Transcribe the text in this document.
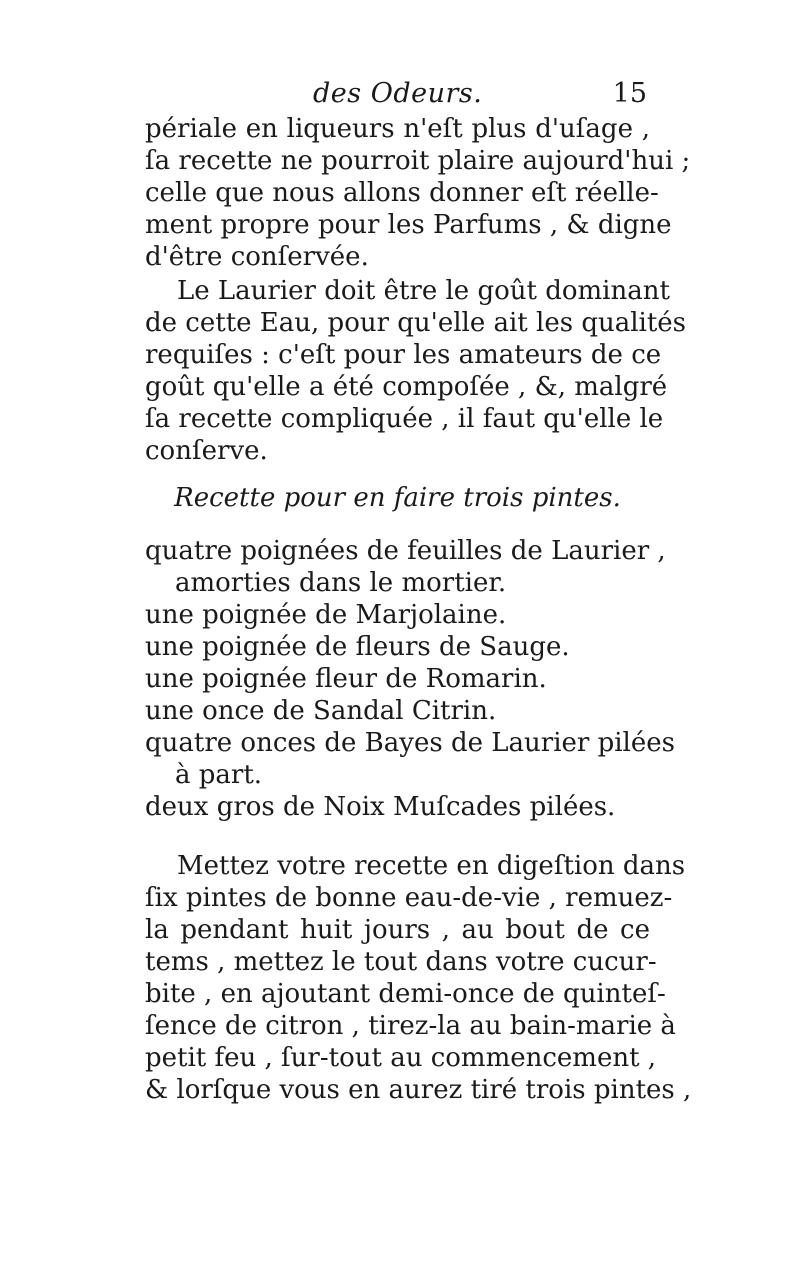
des Odeurs.	15
périale en liqueurs n'eſt plus d'uſage ,
ſa recette ne pourroit plaire aujourd'hui ;
celle que nous allons donner eſt réelle-
ment propre pour les Parfums , & digne
d'être conſervée.
Le Laurier doit être le goût dominant
de cette Eau, pour qu'elle ait les qualités
requiſes : c'eſt pour les amateurs de ce
goût qu'elle a été compoſée , &, malgré
ſa recette compliquée , il faut qu'elle le
conſerve.
Recette pour en faire trois pintes.
quatre poignées de feuilles de Laurier ,
amorties dans le mortier.
une poignée de Marjolaine.
une poignée de fleurs de Sauge.
une poignée fleur de Romarin.
une once de Sandal Citrin.
quatre onces de Bayes de Laurier pilées
à part.
deux gros de Noix Muſcades pilées.
Mettez votre recette en digeſtion dans
ſix pintes de bonne eau-de-vie , remuez-
la pendant huit jours , au bout de ce
tems , mettez le tout dans votre cucur-
bite , en ajoutant demi-once de quinteſ-
ſence de citron , tirez-la au bain-marie à
petit feu , ſur-tout au commencement ,
& lorſque vous en aurez tiré trois pintes ,
